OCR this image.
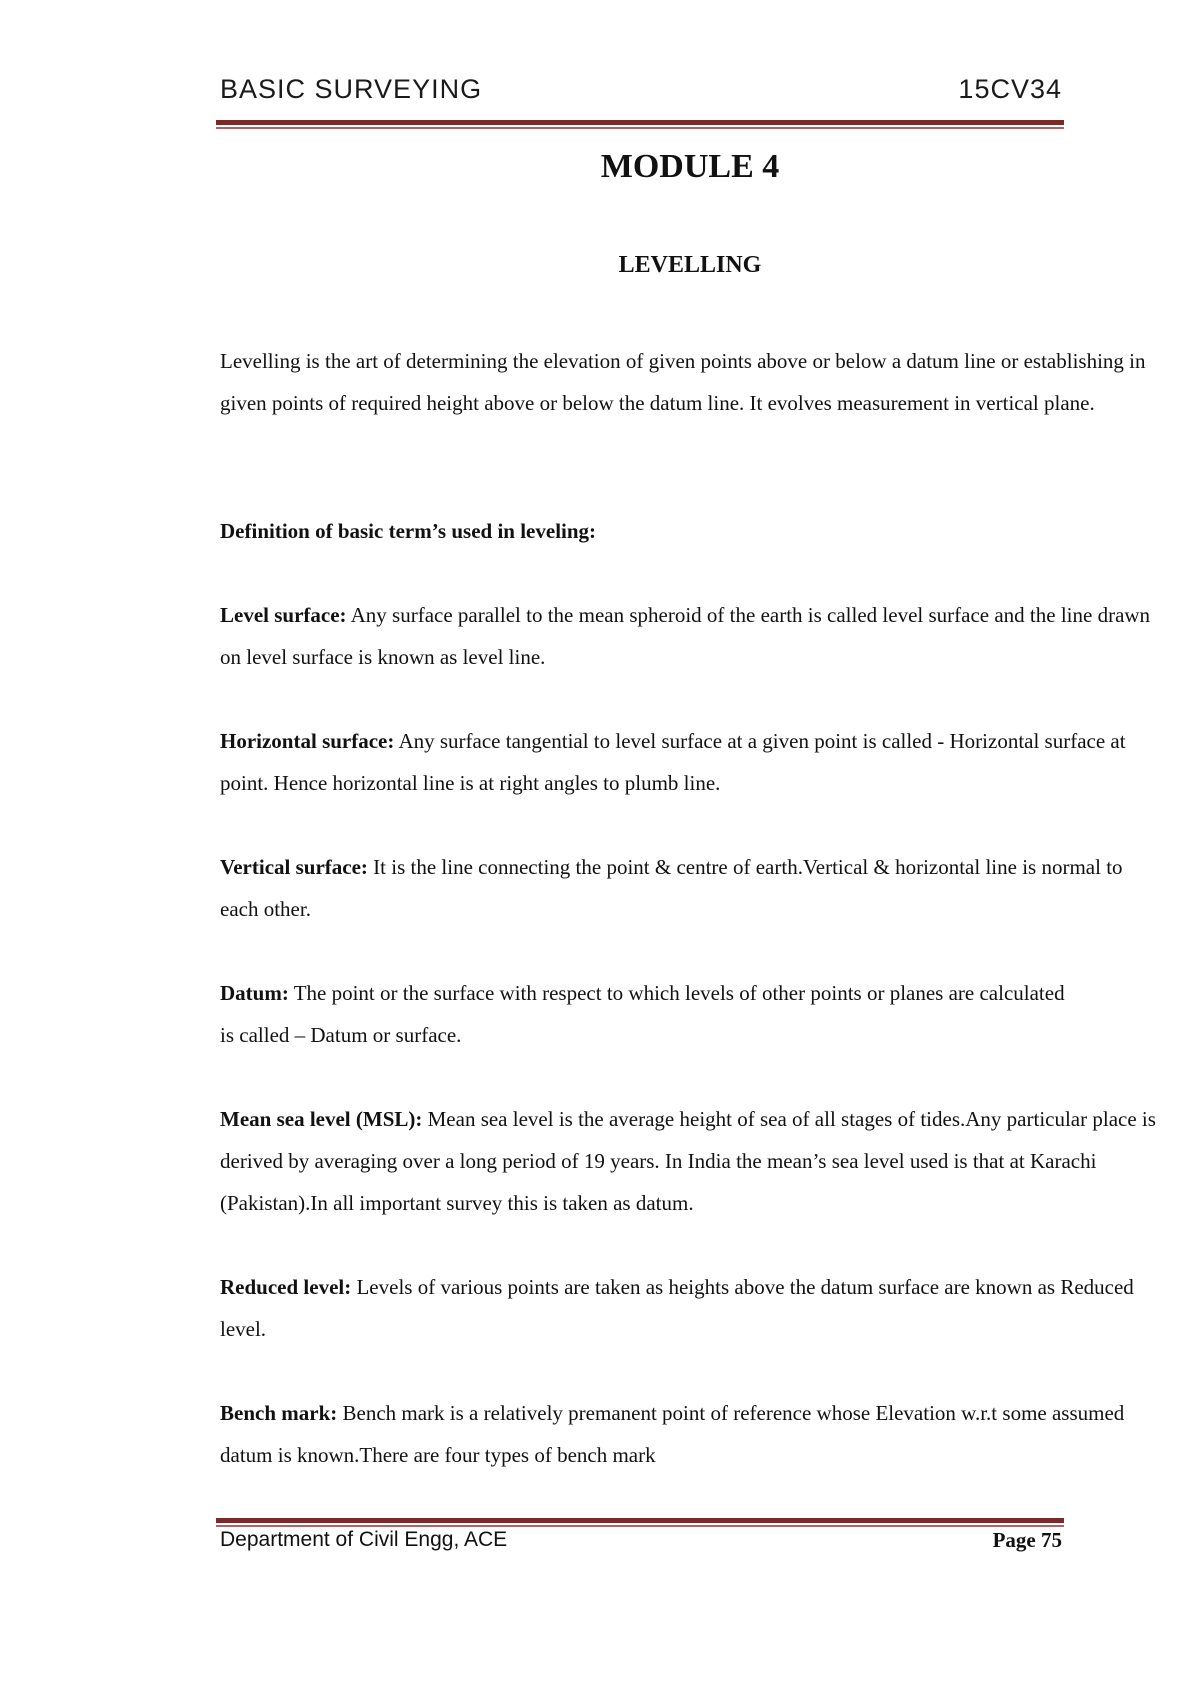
BASIC SURVEYING	15CV34
MODULE 4
LEVELLING
Levelling is the art of determining the elevation of given points above or below a datum line or establishing in given points of required height above or below the datum line. It evolves measurement in vertical plane.
Definition of basic term’s used in leveling:
Level surface: Any surface parallel to the mean spheroid of the earth is called level surface and the line drawn on level surface is known as level line.
Horizontal surface: Any surface tangential to level surface at a given point is called - Horizontal surface at point. Hence horizontal line is at right angles to plumb line.
Vertical surface: It is the line connecting the point & centre of earth.Vertical & horizontal line is normal to each other.
Datum: The point or the surface with respect to which levels of other points or planes are calculated is called – Datum or surface.
Mean sea level (MSL): Mean sea level is the average height of sea of all stages of tides.Any particular place is derived by averaging over a long period of 19 years. In India the mean’s sea level used is that at Karachi (Pakistan).In all important survey this is taken as datum.
Reduced level: Levels of various points are taken as heights above the datum surface are known as Reduced level.
Bench mark: Bench mark is a relatively premanent point of reference whose Elevation w.r.t some assumed datum is known.There are four types of bench mark
Department of Civil Engg, ACE	Page 75
